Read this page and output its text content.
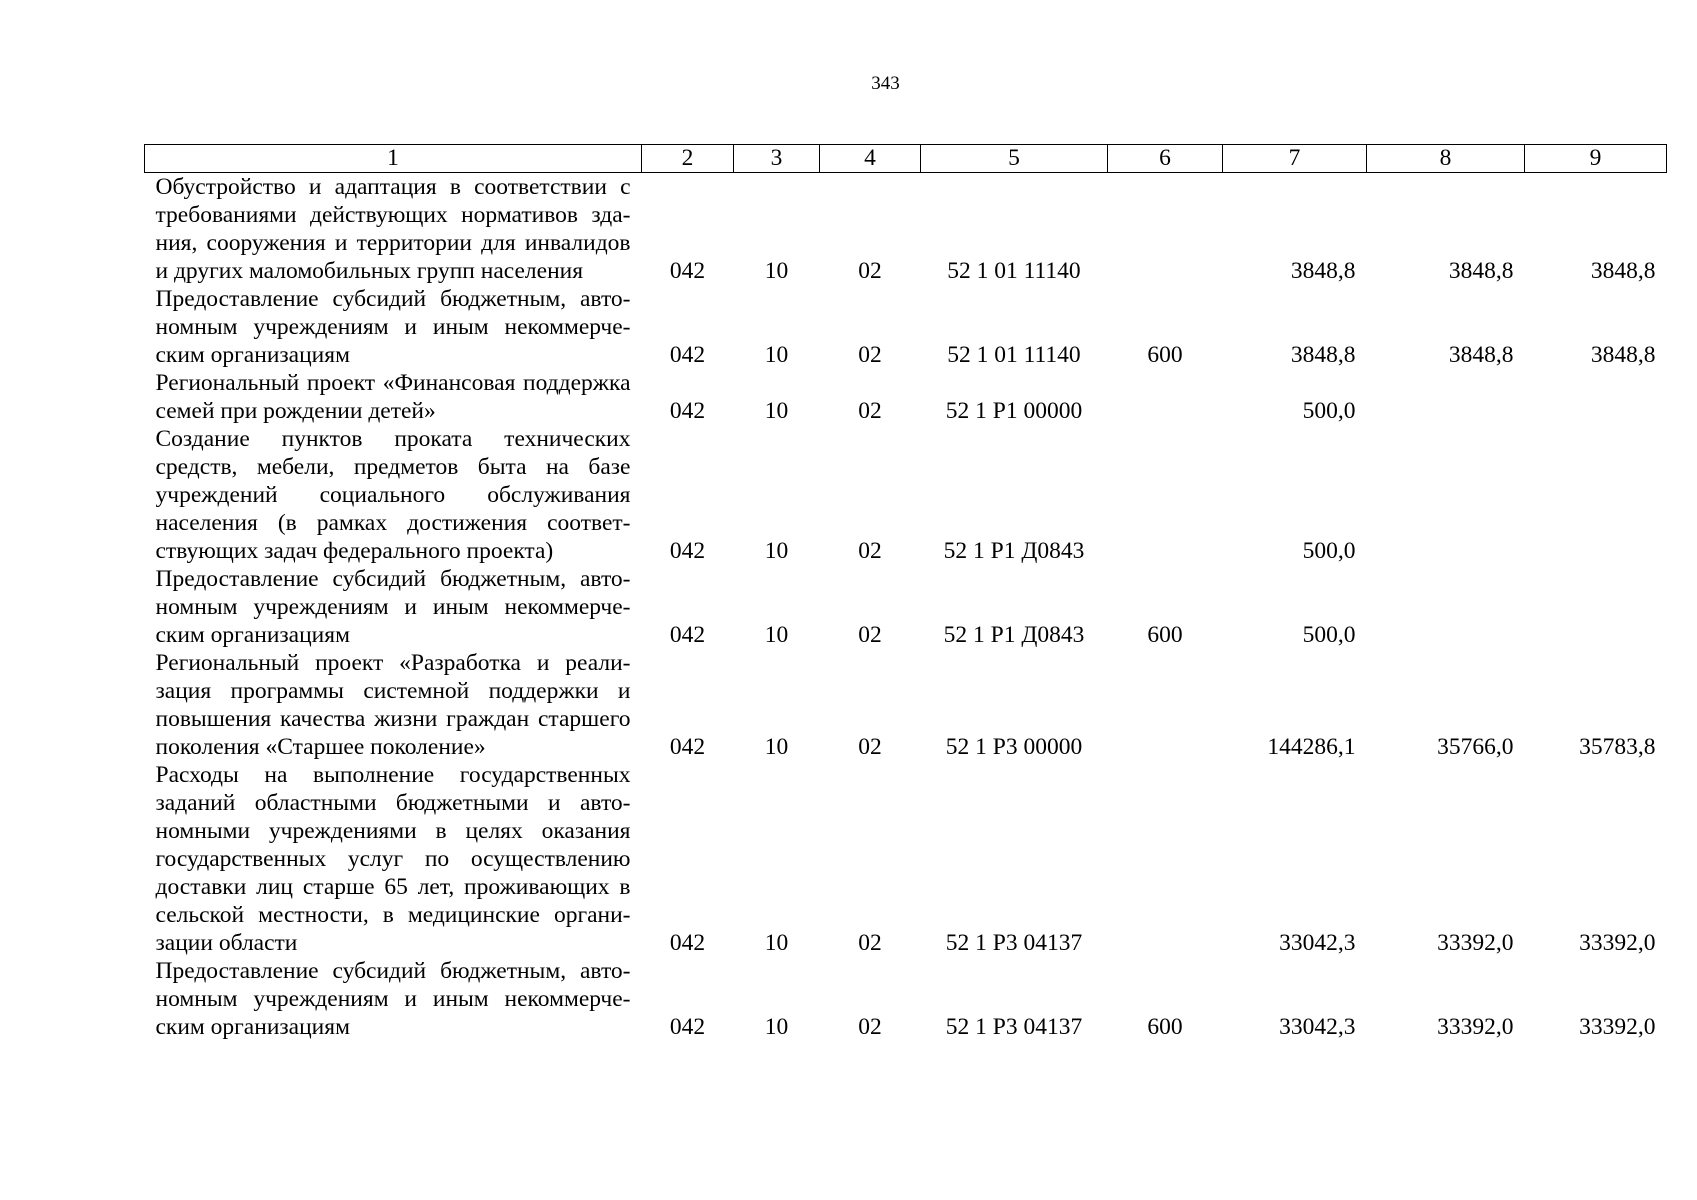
343
1	2	3	4	5	6	7	8	9
Обустройство и адаптация в соответствии с требованиями действующих нормативов здания, сооружения и территории для инвалидов и других маломобильных групп населения	042	10	02	52 1 01 11140		3848,8	3848,8	3848,8
Предоставление субсидий бюджетным, автономным учреждениям и иным некоммерческим организациям	042	10	02	52 1 01 11140	600	3848,8	3848,8	3848,8
Региональный проект «Финансовая поддержка семей при рождении детей»	042	10	02	52 1 Р1 00000		500,0		
Создание пунктов проката технических средств, мебели, предметов быта на базе учреждений социального обслуживания населения (в рамках достижения соответствующих задач федерального проекта)	042	10	02	52 1 Р1 Д0843		500,0		
Предоставление субсидий бюджетным, автономным учреждениям и иным некоммерческим организациям	042	10	02	52 1 Р1 Д0843	600	500,0		
Региональный проект «Разработка и реализация программы системной поддержки и повышения качества жизни граждан старшего поколения «Старшее поколение»	042	10	02	52 1 Р3 00000		144286,1	35766,0	35783,8
Расходы на выполнение государственных заданий областными бюджетными и автономными учреждениями в целях оказания государственных услуг по осуществлению доставки лиц старше 65 лет, проживающих в сельской местности, в медицинские организации области	042	10	02	52 1 Р3 04137		33042,3	33392,0	33392,0
Предоставление субсидий бюджетным, автономным учреждениям и иным некоммерческим организациям	042	10	02	52 1 Р3 04137	600	33042,3	33392,0	33392,0
